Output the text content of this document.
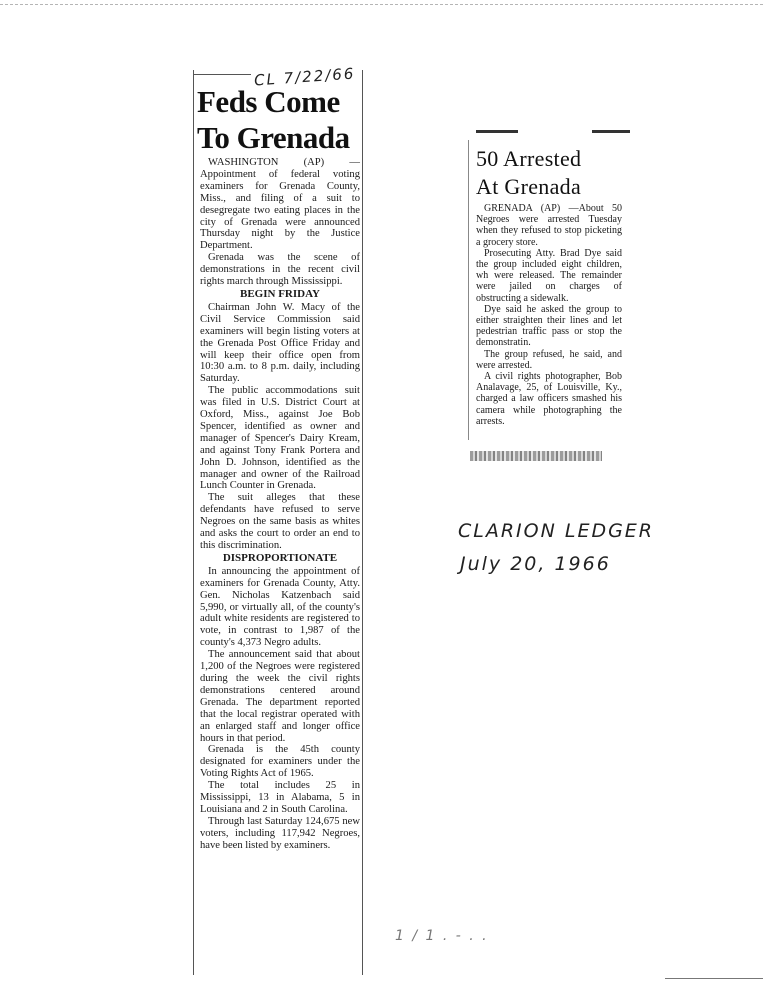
CL 7/22/66
Feds Come
To Grenada

WASHINGTON (AP) — Appointment of federal voting examiners for Grenada County, Miss., and filing of a suit to desegregate two eating places in the city of Grenada were announced Thursday night by the Justice Department.

Grenada was the scene of demonstrations in the recent civil rights march through Mississippi.

BEGIN FRIDAY

Chairman John W. Macy of the Civil Service Commission said examiners will begin listing voters at the Grenada Post Office Friday and will keep their office open from 10:30 a.m. to 8 p.m. daily, including Saturday.

The public accommodations suit was filed in U.S. District Court at Oxford, Miss., against Joe Bob Spencer, identified as owner and manager of Spencer's Dairy Kream, and against Tony Frank Portera and John D. Johnson, identified as the manager and owner of the Railroad Lunch Counter in Grenada.

The suit alleges that these defendants have refused to serve Negroes on the same basis as whites and asks the court to order an end to this discrimination.

DISPROPORTIONATE

In announcing the appointment of examiners for Grenada County, Atty. Gen. Nicholas Katzenbach said 5,990, or virtually all, of the county's adult white residents are registered to vote, in contrast to 1,987 of the county's 4,373 Negro adults.

The announcement said that about 1,200 of the Negroes were registered during the week the civil rights demonstrations centered around Grenada. The department reported that the local registrar operated with an enlarged staff and longer office hours in that period.

Grenada is the 45th county designated for examiners under the Voting Rights Act of 1965.

The total includes 25 in Mississippi, 13 in Alabama, 5 in Louisiana and 2 in South Carolina.

Through last Saturday 124,675 new voters, including 117,942 Negroes, have been listed by examiners.

50 Arrested
At Grenada

GRENADA (AP) —About 50 Negroes were arrested Tuesday when they refused to stop picketing a grocery store.

Prosecuting Atty. Brad Dye said the group included eight children, wh were released. The remainder were jailed on charges of obstructing a sidewalk.

Dye said he asked the group to either straighten their lines and let pedestrian traffic pass or stop the demonstratin.

The group refused, he said, and were arrested.

A civil rights photographer, Bob Analavage, 25, of Louisville, Ky., charged a law officers smashed his camera while photographing the arrests.

CLARION LEDGER
July 20, 1966
1 / 1 . - . .
